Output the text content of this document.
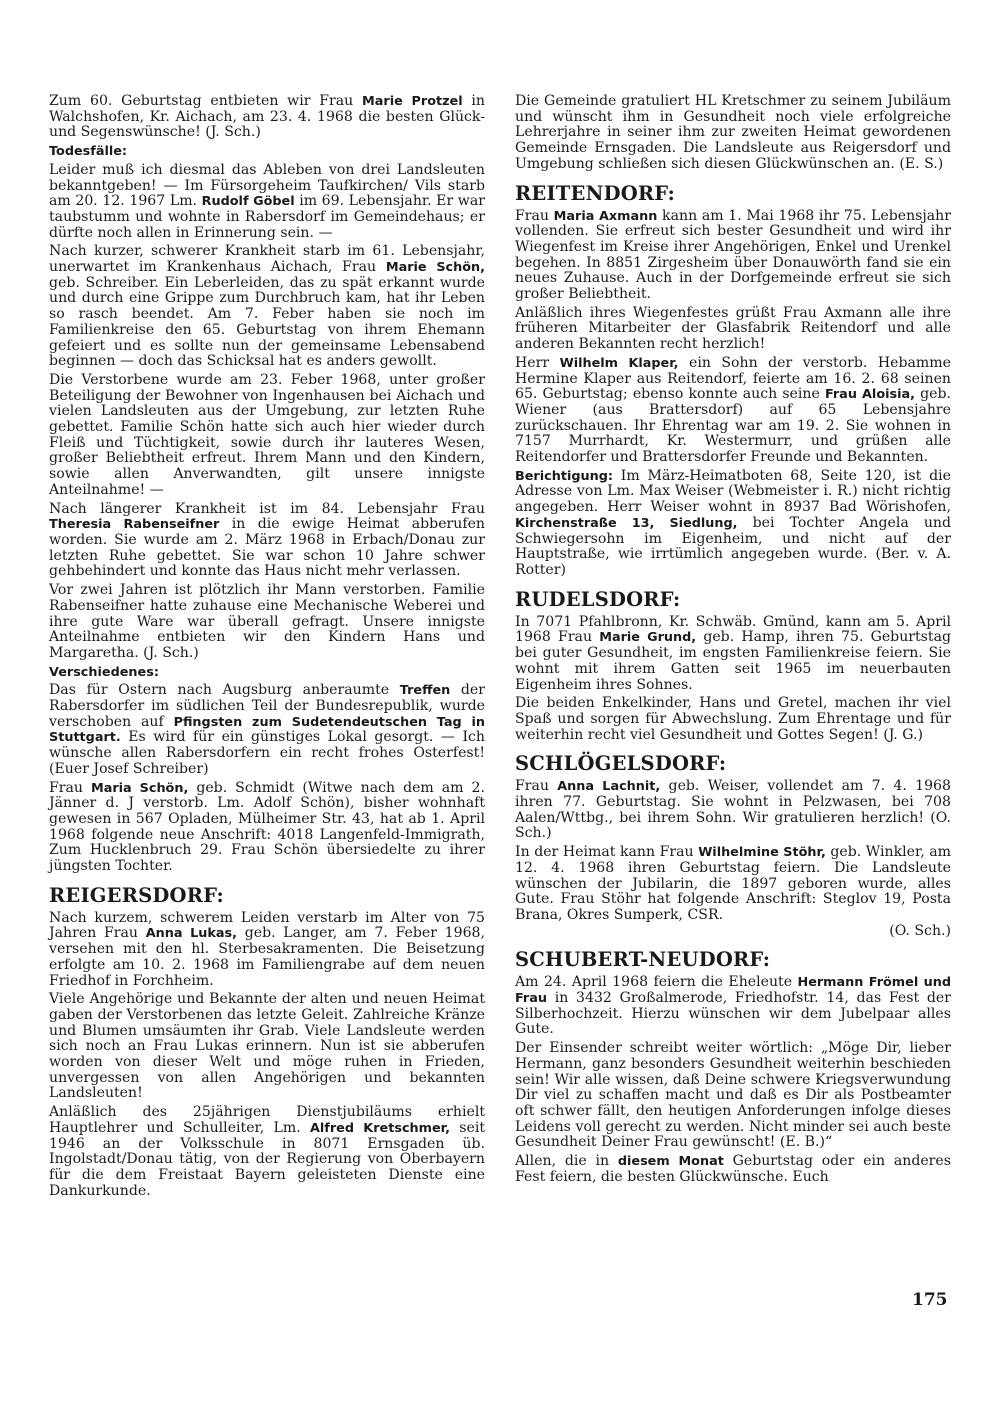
Zum 60. Geburtstag entbieten wir Frau Marie Protzel in Walchshofen, Kr. Aichach, am 23. 4. 1968 die besten Glück- und Segenswünsche! (J. Sch.)

Todesfälle:

Leider muß ich diesmal das Ableben von drei Landsleuten bekanntgeben! — Im Fürsorgeheim Taufkirchen/ Vils starb am 20. 12. 1967 Lm. Rudolf Göbel im 69. Lebensjahr. Er war taubstumm und wohnte in Rabersdorf im Gemeindehaus; er dürfte noch allen in Erinnerung sein. —

Nach kurzer, schwerer Krankheit starb im 61. Lebensjahr, unerwartet im Krankenhaus Aichach, Frau Marie Schön, geb. Schreiber. Ein Leberleiden, das zu spät erkannt wurde und durch eine Grippe zum Durchbruch kam, hat ihr Leben so rasch beendet. Am 7. Feber haben sie noch im Familienkreise den 65. Geburtstag von ihrem Ehemann gefeiert und es sollte nun der gemeinsame Lebensabend beginnen — doch das Schicksal hat es anders gewollt.

Die Verstorbene wurde am 23. Feber 1968, unter großer Beteiligung der Bewohner von Ingenhausen bei Aichach und vielen Landsleuten aus der Umgebung, zur letzten Ruhe gebettet. Familie Schön hatte sich auch hier wieder durch Fleiß und Tüchtigkeit, sowie durch ihr lauteres Wesen, großer Beliebtheit erfreut. Ihrem Mann und den Kindern, sowie allen Anverwandten, gilt unsere innigste Anteilnahme! —

Nach längerer Krankheit ist im 84. Lebensjahr Frau Theresia Rabenseifner in die ewige Heimat abberufen worden. Sie wurde am 2. März 1968 in Erbach/Donau zur letzten Ruhe gebettet. Sie war schon 10 Jahre schwer gehbehindert und konnte das Haus nicht mehr verlassen.

Vor zwei Jahren ist plötzlich ihr Mann verstorben. Familie Rabenseifner hatte zuhause eine Mechanische Weberei und ihre gute Ware war überall gefragt. Unsere innigste Anteilnahme entbieten wir den Kindern Hans und Margaretha. (J. Sch.)

Verschiedenes:

Das für Ostern nach Augsburg anberaumte Treffen der Rabersdorfer im südlichen Teil der Bundesrepublik, wurde verschoben auf Pfingsten zum Sudetendeutschen Tag in Stuttgart. Es wird für ein günstiges Lokal gesorgt. — Ich wünsche allen Rabersdorfern ein recht frohes Osterfest! (Euer Josef Schreiber)

Frau Maria Schön, geb. Schmidt (Witwe nach dem am 2. Jänner d. J verstorb. Lm. Adolf Schön), bisher wohnhaft gewesen in 567 Opladen, Mülheimer Str. 43, hat ab 1. April 1968 folgende neue Anschrift: 4018 Langenfeld-Immigrath, Zum Hucklenbruch 29. Frau Schön übersiedelte zu ihrer jüngsten Tochter.

REIGERSDORF:

Nach kurzem, schwerem Leiden verstarb im Alter von 75 Jahren Frau Anna Lukas, geb. Langer, am 7. Feber 1968, versehen mit den hl. Sterbesakramenten. Die Beisetzung erfolgte am 10. 2. 1968 im Familiengrabe auf dem neuen Friedhof in Forchheim.

Viele Angehörige und Bekannte der alten und neuen Heimat gaben der Verstorbenen das letzte Geleit. Zahlreiche Kränze und Blumen umsäumten ihr Grab. Viele Landsleute werden sich noch an Frau Lukas erinnern. Nun ist sie abberufen worden von dieser Welt und möge ruhen in Frieden, unvergessen von allen Angehörigen und bekannten Landsleuten!

Anläßlich des 25jährigen Dienstjubiläums erhielt Hauptlehrer und Schulleiter, Lm. Alfred Kretschmer, seit 1946 an der Volksschule in 8071 Ernsgaden üb. Ingolstadt/Donau tätig, von der Regierung von Oberbayern für die dem Freistaat Bayern geleisteten Dienste eine Dankurkunde.

Die Gemeinde gratuliert HL Kretschmer zu seinem Jubiläum und wünscht ihm in Gesundheit noch viele erfolgreiche Lehrerjahre in seiner ihm zur zweiten Heimat gewordenen Gemeinde Ernsgaden. Die Landsleute aus Reigersdorf und Umgebung schließen sich diesen Glückwünschen an. (E. S.)

REITENDORF:

Frau Maria Axmann kann am 1. Mai 1968 ihr 75. Lebensjahr vollenden. Sie erfreut sich bester Gesundheit und wird ihr Wiegenfest im Kreise ihrer Angehörigen, Enkel und Urenkel begehen. In 8851 Zirgesheim über Donauwörth fand sie ein neues Zuhause. Auch in der Dorfgemeinde erfreut sie sich großer Beliebtheit.

Anläßlich ihres Wiegenfestes grüßt Frau Axmann alle ihre früheren Mitarbeiter der Glasfabrik Reitendorf und alle anderen Bekannten recht herzlich!

Herr Wilhelm Klaper, ein Sohn der verstorb. Hebamme Hermine Klaper aus Reitendorf, feierte am 16. 2. 68 seinen 65. Geburtstag; ebenso konnte auch seine Frau Aloisia, geb. Wiener (aus Brattersdorf) auf 65 Lebensjahre zurückschauen. Ihr Ehrentag war am 19. 2. Sie wohnen in 7157 Murrhardt, Kr. Westermurr, und grüßen alle Reitendorfer und Brattersdorfer Freunde und Bekannten.

Berichtigung: Im März-Heimatboten 68, Seite 120, ist die Adresse von Lm. Max Weiser (Webmeister i. R.) nicht richtig angegeben. Herr Weiser wohnt in 8937 Bad Wörishofen, Kirchenstraße 13, Siedlung, bei Tochter Angela und Schwiegersohn im Eigenheim, und nicht auf der Hauptstraße, wie irrtümlich angegeben wurde. (Ber. v. A. Rotter)

RUDELSDORF:

In 7071 Pfahlbronn, Kr. Schwäb. Gmünd, kann am 5. April 1968 Frau Marie Grund, geb. Hamp, ihren 75. Geburtstag bei guter Gesundheit, im engsten Familienkreise feiern. Sie wohnt mit ihrem Gatten seit 1965 im neuerbauten Eigenheim ihres Sohnes.

Die beiden Enkelkinder, Hans und Gretel, machen ihr viel Spaß und sorgen für Abwechslung. Zum Ehrentage und für weiterhin recht viel Gesundheit und Gottes Segen! (J. G.)

SCHLÖGELSDORF:

Frau Anna Lachnit, geb. Weiser, vollendet am 7. 4. 1968 ihren 77. Geburtstag. Sie wohnt in Pelzwasen, bei 708 Aalen/Wttbg., bei ihrem Sohn. Wir gratulieren herzlich! (O. Sch.)

In der Heimat kann Frau Wilhelmine Stöhr, geb. Winkler, am 12. 4. 1968 ihren Geburtstag feiern. Die Landsleute wünschen der Jubilarin, die 1897 geboren wurde, alles Gute. Frau Stöhr hat folgende Anschrift: Steglov 19, Posta Brana, Okres Sumperk, CSR.

(O. Sch.)

SCHUBERT-NEUDORF:

Am 24. April 1968 feiern die Eheleute Hermann Frömel und Frau in 3432 Großalmerode, Friedhofstr. 14, das Fest der Silberhochzeit. Hierzu wünschen wir dem Jubelpaar alles Gute.

Der Einsender schreibt weiter wörtlich: „Möge Dir, lieber Hermann, ganz besonders Gesundheit weiterhin beschieden sein! Wir alle wissen, daß Deine schwere Kriegsverwundung Dir viel zu schaffen macht und daß es Dir als Postbeamter oft schwer fällt, den heutigen Anforderungen infolge dieses Leidens voll gerecht zu werden. Nicht minder sei auch beste Gesundheit Deiner Frau gewünscht! (E. B.)“

Allen, die in diesem Monat Geburtstag oder ein anderes Fest feiern, die besten Glückwünsche. Euch

175
